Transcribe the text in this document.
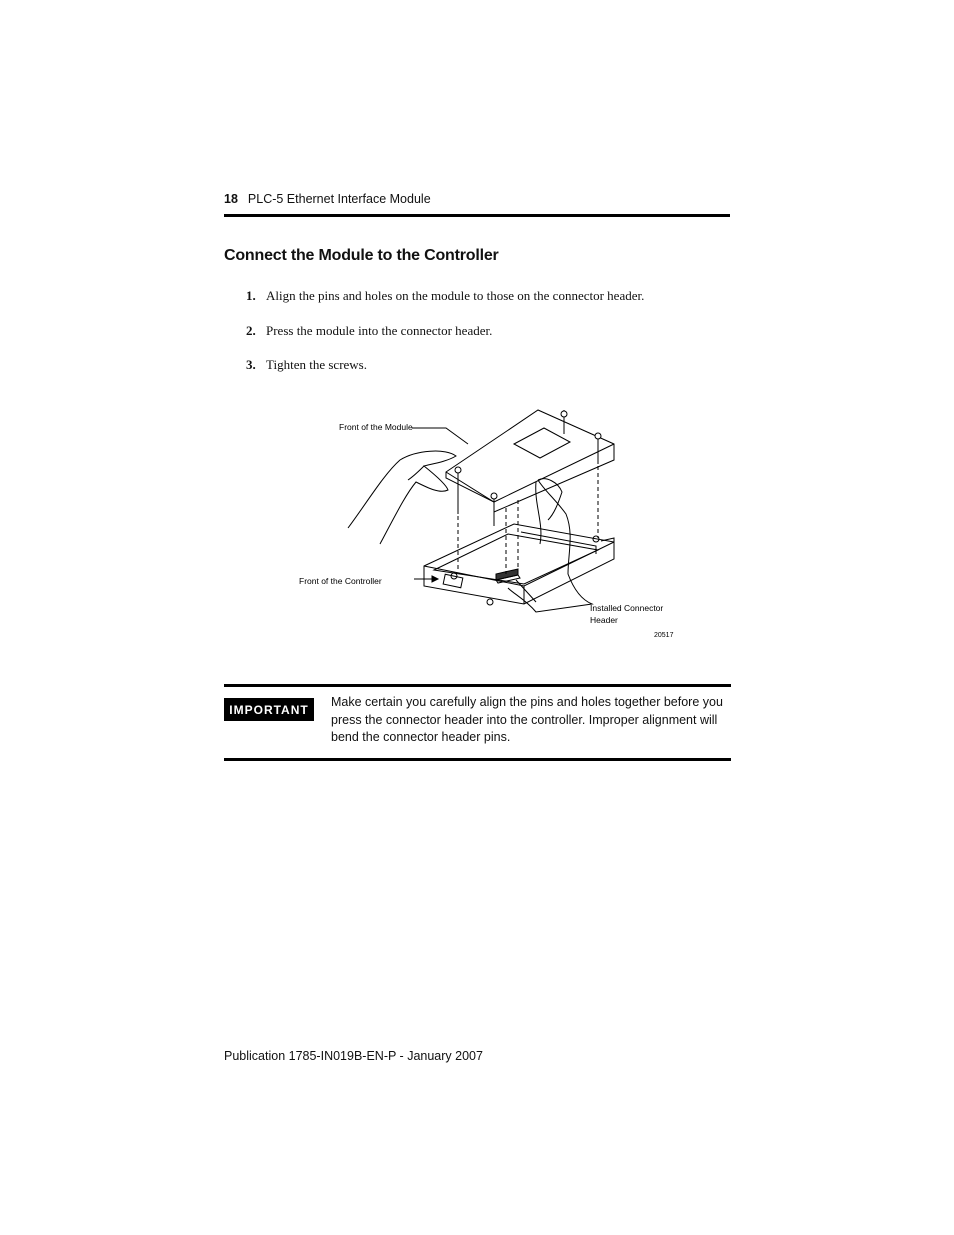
18 PLC-5 Ethernet Interface Module
Connect the Module to the Controller
1. Align the pins and holes on the module to those on the connector header.
2. Press the module into the connector header.
3. Tighten the screws.
Front of the Module
Front of the Controller
Installed Connector
Header
20517
IMPORTANT
Make certain you carefully align the pins and holes together before you press the connector header into the controller. Improper alignment will bend the connector header pins.
Publication 1785-IN019B-EN-P - January 2007
